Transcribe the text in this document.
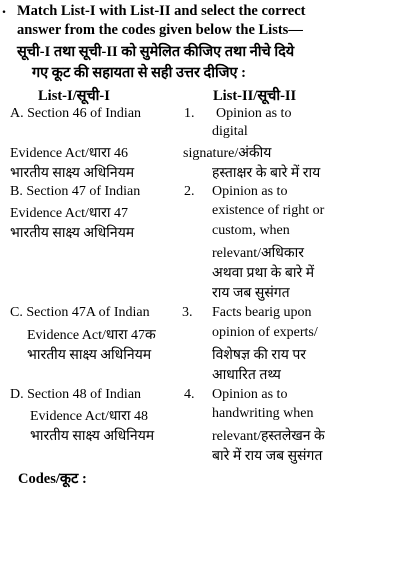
. Match List-I with List-II and select the correct
answer from the codes given below the Lists—
सूची-I तथा सूची-II को सुमेलित कीजिए तथा नीचे दिये
गए कूट की सहायता से सही उत्तर दीजिए :
List-I/सूची-I	List-II/सूची-II
A. Section 46 of Indian
Evidence Act/धारा 46
भारतीय साक्ष्य अधिनियम
1. Opinion as to
digital
signature/अंकीय
हस्ताक्षर के बारे में राय
B. Section 47 of Indian
Evidence Act/धारा 47
भारतीय साक्ष्य अधिनियम
2. Opinion as to
existence of right or
custom, when
relevant/अधिकार
अथवा प्रथा के बारे में
राय जब सुसंगत
C. Section 47A of Indian
Evidence Act/धारा 47क
भारतीय साक्ष्य अधिनियम
3. Facts bearig upon
opinion of experts/
विशेषज्ञ की राय पर
आधारित तथ्य
D. Section 48 of Indian
Evidence Act/धारा 48
भारतीय साक्ष्य अधिनियम
4. Opinion as to
handwriting when
relevant/हस्तलेखन के
बारे में राय जब सुसंगत
Codes/कूट :
